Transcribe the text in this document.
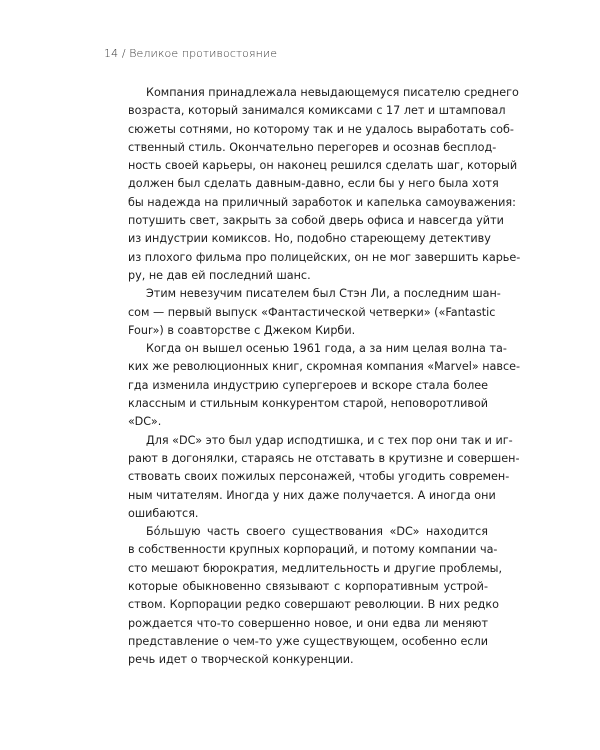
14 / Великое противостояние
Компания принадлежала невыдающемуся писателю среднего
возраста, который занимался комиксами с 17 лет и штамповал
сюжеты сотнями, но которому так и не удалось выработать соб-
ственный стиль. Окончательно перегорев и осознав бесплод-
ность своей карьеры, он наконец решился сделать шаг, который
должен был сделать давным-давно, если бы у него была хотя
бы надежда на приличный заработок и капелька самоуважения:
потушить свет, закрыть за собой дверь офиса и навсегда уйти
из индустрии комиксов. Но, подобно стареющему детективу
из плохого фильма про полицейских, он не мог завершить карье-
ру, не дав ей последний шанс.
Этим невезучим писателем был Стэн Ли, а последним шан-
сом — первый выпуск «Фантастической четверки» («Fantastic
Four») в соавторстве с Джеком Кирби.
Когда он вышел осенью 1961 года, а за ним целая волна та-
ких же революционных книг, скромная компания «Marvel» навсе-
гда изменила индустрию супергероев и вскоре стала более
классным и стильным конкурентом старой, неповоротливой
«DC».
Для «DC» это был удар исподтишка, и с тех пор они так и иг-
рают в догонялки, стараясь не отставать в крутизне и совершен-
ствовать своих пожилых персонажей, чтобы угодить современ-
ным читателям. Иногда у них даже получается. А иногда они
ошибаются.
Бóльшую часть своего существования «DC» находится
в собственности крупных корпораций, и потому компании ча-
сто мешают бюрократия, медлительность и другие проблемы,
которые обыкновенно связывают с корпоративным устрой-
ством. Корпорации редко совершают революции. В них редко
рождается что-то совершенно новое, и они едва ли меняют
представление о чем-то уже существующем, особенно если
речь идет о творческой конкуренции.
